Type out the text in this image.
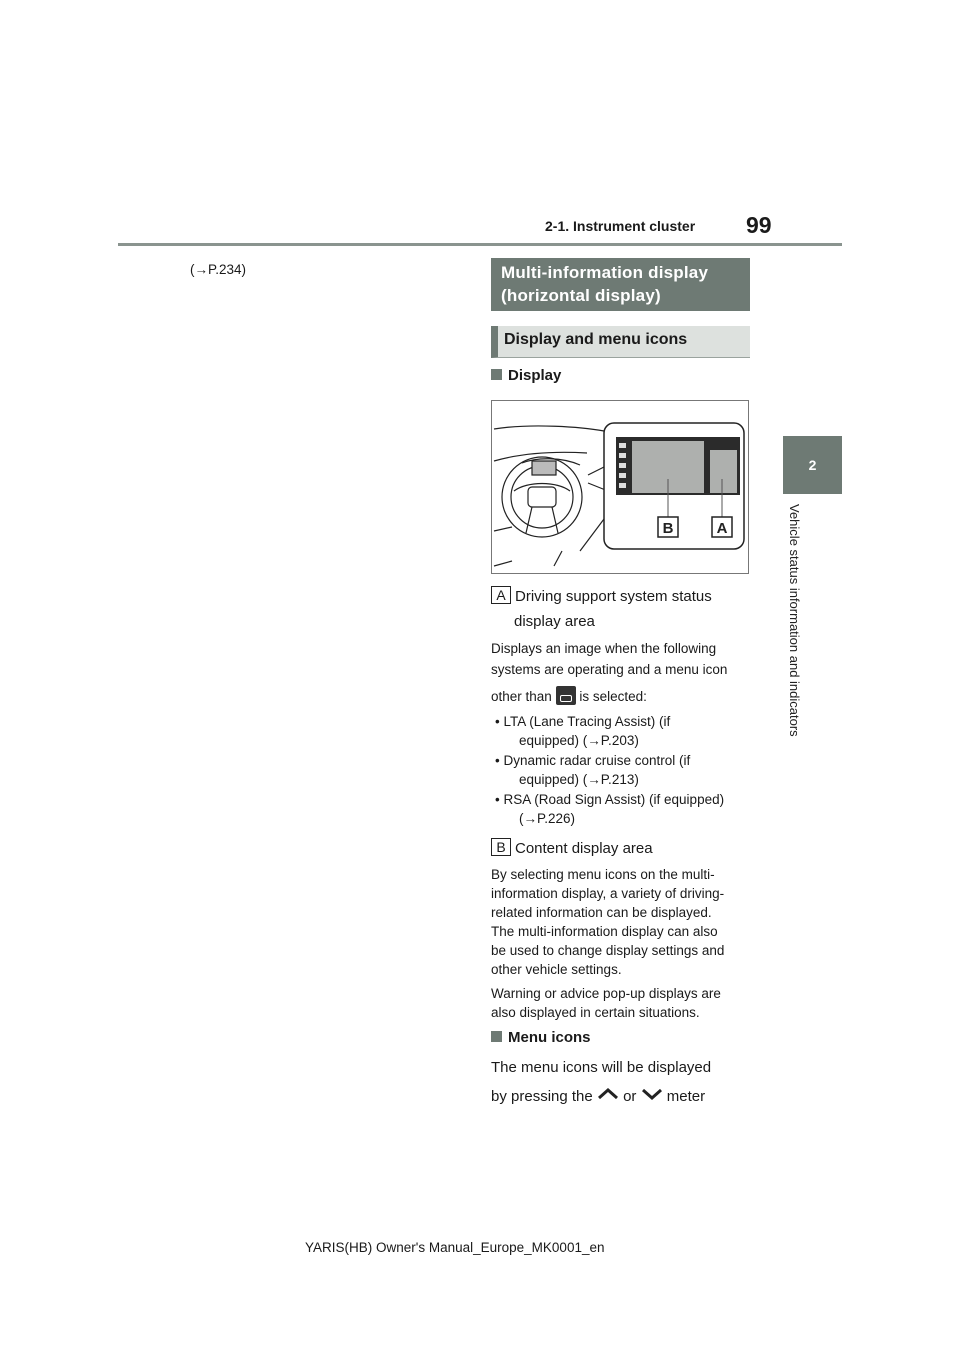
2-1. Instrument cluster 99
2
Vehicle status information and indicators
(→P.234)	Multi-information display
(horizontal display)
Display and menu icons
Display
B	A
A Driving support system status
display area
Displays an image when the following
systems are operating and a menu icon
other than is selected:
• LTA (Lane Tracing Assist) (if
equipped) (→P.203)
• Dynamic radar cruise control (if
equipped) (→P.213)
• RSA (Road Sign Assist) (if equipped)
(→P.226)
B Content display area
By selecting menu icons on the multi-
information display, a variety of driving-
related information can be displayed.
The multi-information display can also
be used to change display settings and
other vehicle settings.
Warning or advice pop-up displays are
also displayed in certain situations.
Menu icons
The menu icons will be displayed
by pressing the or meter
YARIS(HB) Owner's Manual_Europe_MK0001_en
